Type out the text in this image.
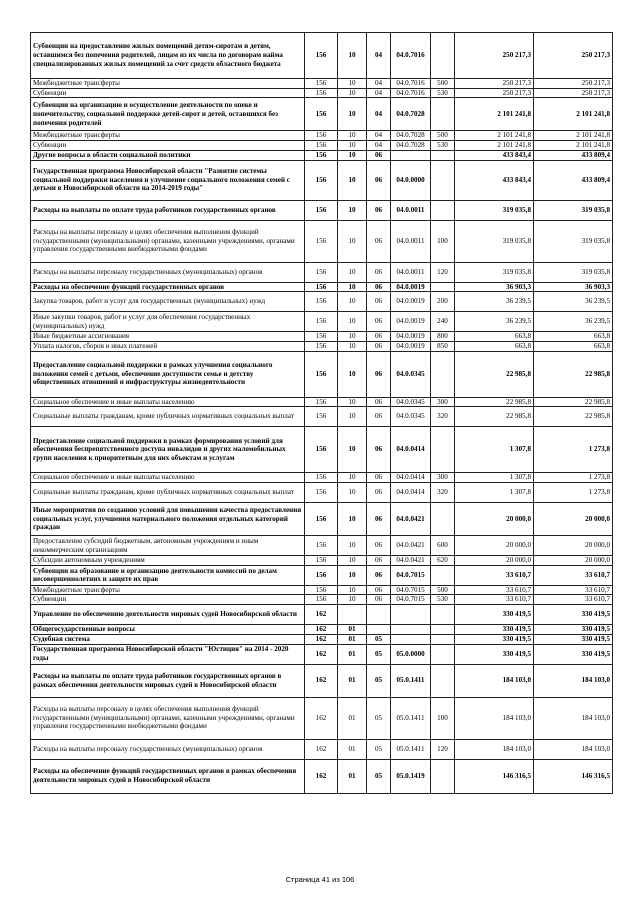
Субвенции на предоставление жилых помещений детям-сиротам и детям, оставшимся без попечения родителей, лицам из их числа по договорам найма специализированных жилых помещений за счет средств областного бюджета	156	10	04	04.0.7016		250 217,3	250 217,3
Межбюджетные трансферты	156	10	04	04.0.7016	500	250 217,3	250 217,3
Субвенции	156	10	04	04.0.7016	530	250 217,3	250 217,3
Субвенции на организацию и осуществление деятельности по опеке и попечительству, социальной поддержке детей-сирот и детей, оставшихся без попечения родителей	156	10	04	04.0.7028		2 101 241,8	2 101 241,8
Межбюджетные трансферты	156	10	04	04.0.7028	500	2 101 241,8	2 101 241,8
Субвенции	156	10	04	04.0.7028	530	2 101 241,8	2 101 241,8
Другие вопросы в области социальной политики	156	10	06			433 843,4	433 809,4
Государственная программа Новосибирской области "Развитие системы социальной поддержки населения и улучшение социального положения семей с детьми в Новосибирской области на 2014-2019 годы"	156	10	06	04.0.0000		433 843,4	433 809,4
Расходы на выплаты по оплате труда работников государственных органов	156	10	06	04.0.0011		319 035,8	319 035,8
Расходы на выплаты персоналу в целях обеспечения выполнения функций государственными (муниципальными) органами, казенными учреждениями, органами управления государственными внебюджетными фондами	156	10	06	04.0.0011	100	319 035,8	319 035,8
Расходы на выплаты персоналу государственных (муниципальных) органов	156	10	06	04.0.0011	120	319 035,8	319 035,8
Расходы на обеспечение функций государственных органов	156	10	06	04.0.0019		36 903,3	36 903,3
Закупка товаров, работ и услуг для государственных (муниципальных) нужд	156	10	06	04.0.0019	200	36 239,5	36 239,5
Иные закупки товаров, работ и услуг для обеспечения государственных (муниципальных) нужд	156	10	06	04.0.0019	240	36 239,5	36 239,5
Иные бюджетные ассигнования	156	10	06	04.0.0019	800	663,8	663,8
Уплата налогов, сборов и иных платежей	156	10	06	04.0.0019	850	663,8	663,8
Предоставление социальной поддержки в рамках улучшения социального положения семей с детьми, обеспечение доступности семье и детству общественных отношений и инфраструктуры жизнедеятельности	156	10	06	04.0.0345		22 985,8	22 985,8
Социальное обеспечение и иные выплаты населению	156	10	06	04.0.0345	300	22 985,8	22 985,8
Социальные выплаты гражданам, кроме публичных нормативных социальных выплат	156	10	06	04.0.0345	320	22 985,8	22 985,8
Предоставление социальной поддержки в рамках формирования условий для обеспечения беспрепятственного доступа инвалидов и других маломобильных групп населения к приоритетным для них объектам и услугам	156	10	06	04.0.0414		1 307,8	1 273,8
Социальное обеспечение и иные выплаты населению	156	10	06	04.0.0414	300	1 307,8	1 273,8
Социальные выплаты гражданам, кроме публичных нормативных социальных выплат	156	10	06	04.0.0414	320	1 307,8	1 273,8
Иные мероприятия по созданию условий для повышения качества предоставления социальных услуг, улучшения материального положения отдельных категорий граждан	156	10	06	04.0.0421		20 000,0	20 000,0
Предоставление субсидий бюджетным, автономным учреждениям и иным некоммерческим организациям	156	10	06	04.0.0421	600	20 000,0	20 000,0
Субсидии автономным учреждениям	156	10	06	04.0.0421	620	20 000,0	20 000,0
Субвенции на образование и организацию деятельности комиссий по делам несовершеннолетних и защите их прав	156	10	06	04.0.7015		33 610,7	33 610,7
Межбюджетные трансферты	156	10	06	04.0.7015	500	33 610,7	33 610,7
Субвенции	156	10	06	04.0.7015	530	33 610,7	33 610,7
Управление по обеспечению деятельности мировых судей Новосибирской области	162					330 419,5	330 419,5
Общегосударственные вопросы	162	01				330 419,5	330 419,5
Судебная система	162	01	05			330 419,5	330 419,5
Государственная программа Новосибирской области "Юстиция" на 2014 - 2020 годы	162	01	05	05.0.0000		330 419,5	330 419,5
Расходы на выплаты по оплате труда работников государственных органов в рамках обеспечения деятельности мировых судей в Новосибирской области	162	01	05	05.0.1411		184 103,0	184 103,0
Расходы на выплаты персоналу в целях обеспечения выполнения функций государственными (муниципальными) органами, казенными учреждениями, органами управления государственными внебюджетными фондами	162	01	05	05.0.1411	100	184 103,0	184 103,0
Расходы на выплаты персоналу государственных (муниципальных) органов	162	01	05	05.0.1411	120	184 103,0	184 103,0
Расходы на обеспечение функций государственных органов в рамках обеспечения деятельности мировых судей в Новосибирской области	162	01	05	05.0.1419		146 316,5	146 316,5
Страница 41 из 106
